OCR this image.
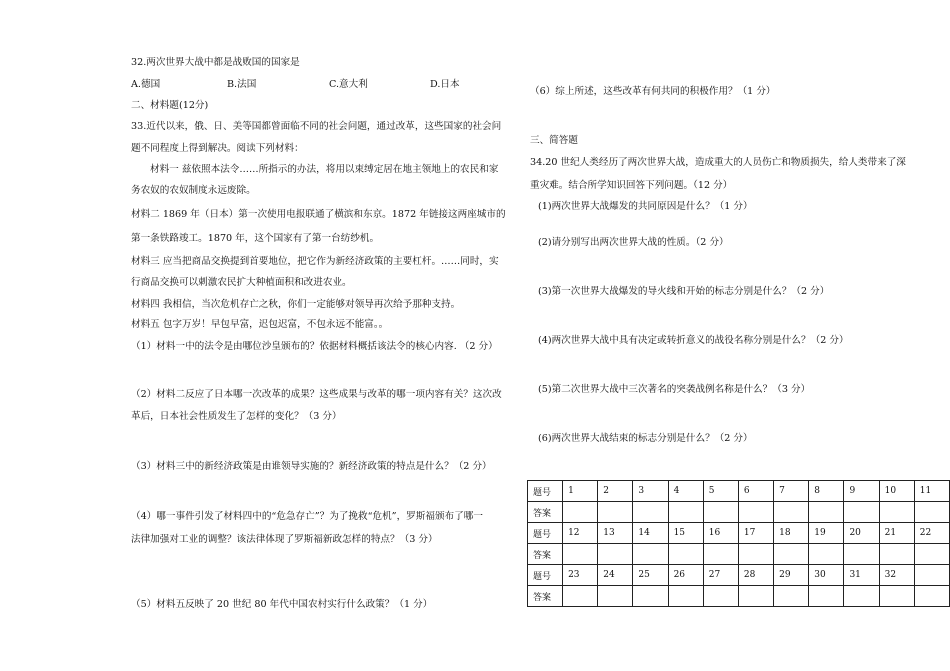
32.两次世界大战中都是战败国的国家是
A.德国	B.法国	C.意大利	D.日本
二、材料题(12分)
33.近代以来，俄、日、美等国都曾面临不同的社会问题，通过改革，这些国家的社会问
题不同程度上得到解决。阅读下列材料：
材料一 兹依照本法令……所指示的办法，将用以束缚定居在地主领地上的农民和家
务农奴的农奴制度永远废除。
材料二 1869 年（日本）第一次使用电报联通了横滨和东京。1872 年链接这两座城市的
第一条铁路竣工。1870 年，这个国家有了第一台纺纱机。
材料三 应当把商品交换提到首要地位，把它作为新经济政策的主要杠杆。……同时，实
行商品交换可以刺激农民扩大种植面积和改进农业。
材料四 我相信，当次危机存亡之秋，你们一定能够对领导再次给予那种支持。
材料五 包字万岁！早包早富，迟包迟富，不包永远不能富。。
（1）材料一中的法令是由哪位沙皇颁布的？依据材料概括该法令的核心内容. （2 分）
（2）材料二反应了日本哪一次改革的成果？这些成果与改革的哪一项内容有关？这次改
革后，日本社会性质发生了怎样的变化？（3 分）
（3）材料三中的新经济政策是由谁领导实施的？新经济政策的特点是什么？（2 分）
（4）哪一事件引发了材料四中的“危急存亡”？为了挽救“危机”，罗斯福颁布了哪一
法律加强对工业的调整？该法律体现了罗斯福新政怎样的特点？（3 分）
（5）材料五反映了 20 世纪 80 年代中国农村实行什么政策？（1 分）
（6）综上所述，这些改革有何共同的积极作用？（1 分）
三、简答题
34.20 世纪人类经历了两次世界大战，造成重大的人员伤亡和物质损失，给人类带来了深
重灾难。结合所学知识回答下列问题。（12 分）
(1)两次世界大战爆发的共同原因是什么？（1 分）
(2)请分别写出两次世界大战的性质。（2 分）
(3)第一次世界大战爆发的导火线和开始的标志分别是什么？（2 分）
(4)两次世界大战中具有决定或转折意义的战役名称分别是什么？（2 分）
(5)第二次世界大战中三次著名的突袭战例名称是什么？（3 分）
(6)两次世界大战结束的标志分别是什么？（2 分）
题号	1	2	3	4	5	6	7	8	9	10	11
答案											
题号	12	13	14	15	16	17	18	19	20	21	22
答案											
题号	23	24	25	26	27	28	29	30	31	32	
答案											
